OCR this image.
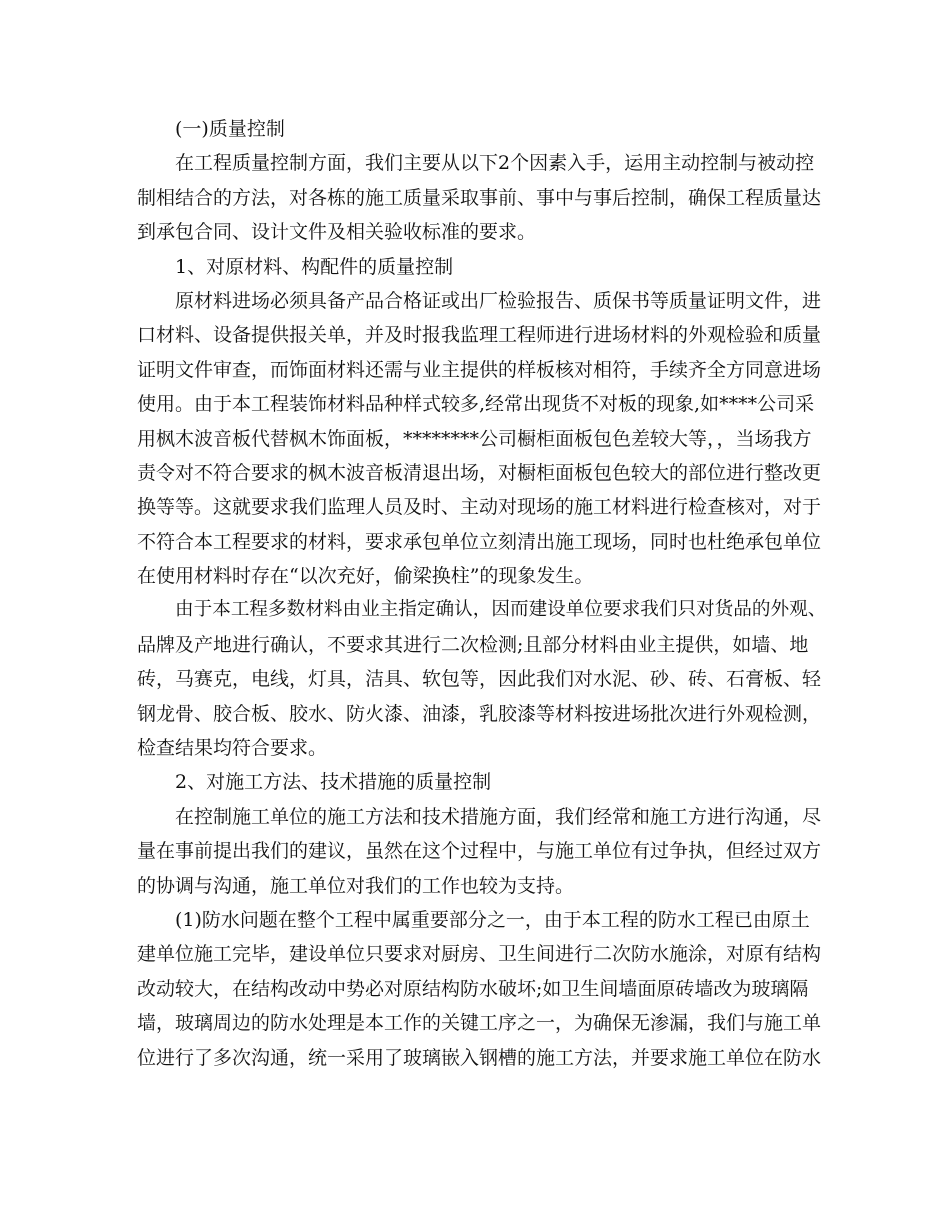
(一)质量控制
在工程质量控制方面，我们主要从以下2个因素入手，运用主动控制与被动控
制相结合的方法，对各栋的施工质量采取事前、事中与事后控制，确保工程质量达
到承包合同、设计文件及相关验收标准的要求。
1、对原材料、构配件的质量控制
原材料进场必须具备产品合格证或出厂检验报告、质保书等质量证明文件，进
口材料、设备提供报关单，并及时报我监理工程师进行进场材料的外观检验和质量
证明文件审查，而饰面材料还需与业主提供的样板核对相符，手续齐全方同意进场
使用。由于本工程装饰材料品种样式较多,经常出现货不对板的现象,如****公司采
用枫木波音板代替枫木饰面板，********公司橱柜面板包色差较大等，，当场我方
责令对不符合要求的枫木波音板清退出场，对橱柜面板包色较大的部位进行整改更
换等等。这就要求我们监理人员及时、主动对现场的施工材料进行检查核对，对于
不符合本工程要求的材料，要求承包单位立刻清出施工现场，同时也杜绝承包单位
在使用材料时存在“以次充好，偷梁换柱”的现象发生。
由于本工程多数材料由业主指定确认，因而建设单位要求我们只对货品的外观、
品牌及产地进行确认，不要求其进行二次检测;且部分材料由业主提供，如墙、地
砖，马赛克，电线，灯具，洁具、软包等，因此我们对水泥、砂、砖、石膏板、轻
钢龙骨、胶合板、胶水、防火漆、油漆，乳胶漆等材料按进场批次进行外观检测，
检查结果均符合要求。
2、对施工方法、技术措施的质量控制
在控制施工单位的施工方法和技术措施方面，我们经常和施工方进行沟通，尽
量在事前提出我们的建议，虽然在这个过程中，与施工单位有过争执，但经过双方
的协调与沟通，施工单位对我们的工作也较为支持。
(1)防水问题在整个工程中属重要部分之一，由于本工程的防水工程已由原土
建单位施工完毕，建设单位只要求对厨房、卫生间进行二次防水施涂，对原有结构
改动较大，在结构改动中势必对原结构防水破坏;如卫生间墙面原砖墙改为玻璃隔
墙，玻璃周边的防水处理是本工作的关键工序之一，为确保无渗漏，我们与施工单
位进行了多次沟通，统一采用了玻璃嵌入钢槽的施工方法，并要求施工单位在防水
